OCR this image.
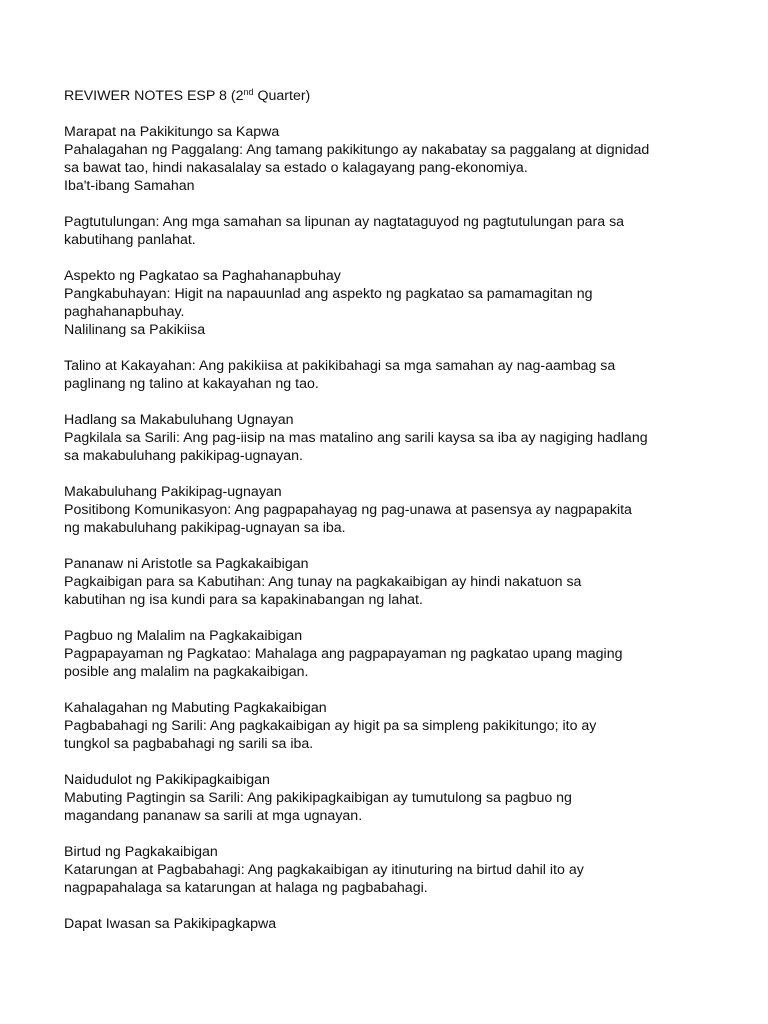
REVIWER NOTES ESP 8 (2nd Quarter)
Marapat na Pakikitungo sa Kapwa
Pahalagahan ng Paggalang: Ang tamang pakikitungo ay nakabatay sa paggalang at dignidad
sa bawat tao, hindi nakasalalay sa estado o kalagayang pang-ekonomiya.
Iba't-ibang Samahan
Pagtutulungan: Ang mga samahan sa lipunan ay nagtataguyod ng pagtutulungan para sa
kabutihang panlahat.
Aspekto ng Pagkatao sa Paghahanapbuhay
Pangkabuhayan: Higit na napauunlad ang aspekto ng pagkatao sa pamamagitan ng
paghahanapbuhay.
Nalilinang sa Pakikiisa
Talino at Kakayahan: Ang pakikiisa at pakikibahagi sa mga samahan ay nag-aambag sa
paglinang ng talino at kakayahan ng tao.
Hadlang sa Makabuluhang Ugnayan
Pagkilala sa Sarili: Ang pag-iisip na mas matalino ang sarili kaysa sa iba ay nagiging hadlang
sa makabuluhang pakikipag-ugnayan.
Makabuluhang Pakikipag-ugnayan
Positibong Komunikasyon: Ang pagpapahayag ng pag-unawa at pasensya ay nagpapakita
ng makabuluhang pakikipag-ugnayan sa iba.
Pananaw ni Aristotle sa Pagkakaibigan
Pagkaibigan para sa Kabutihan: Ang tunay na pagkakaibigan ay hindi nakatuon sa
kabutihan ng isa kundi para sa kapakinabangan ng lahat.
Pagbuo ng Malalim na Pagkakaibigan
Pagpapayaman ng Pagkatao: Mahalaga ang pagpapayaman ng pagkatao upang maging
posible ang malalim na pagkakaibigan.
Kahalagahan ng Mabuting Pagkakaibigan
Pagbabahagi ng Sarili: Ang pagkakaibigan ay higit pa sa simpleng pakikitungo; ito ay
tungkol sa pagbabahagi ng sarili sa iba.
Naidudulot ng Pakikipagkaibigan
Mabuting Pagtingin sa Sarili: Ang pakikipagkaibigan ay tumutulong sa pagbuo ng
magandang pananaw sa sarili at mga ugnayan.
Birtud ng Pagkakaibigan
Katarungan at Pagbabahagi: Ang pagkakaibigan ay itinuturing na birtud dahil ito ay
nagpapahalaga sa katarungan at halaga ng pagbabahagi.
Dapat Iwasan sa Pakikipagkapwa
